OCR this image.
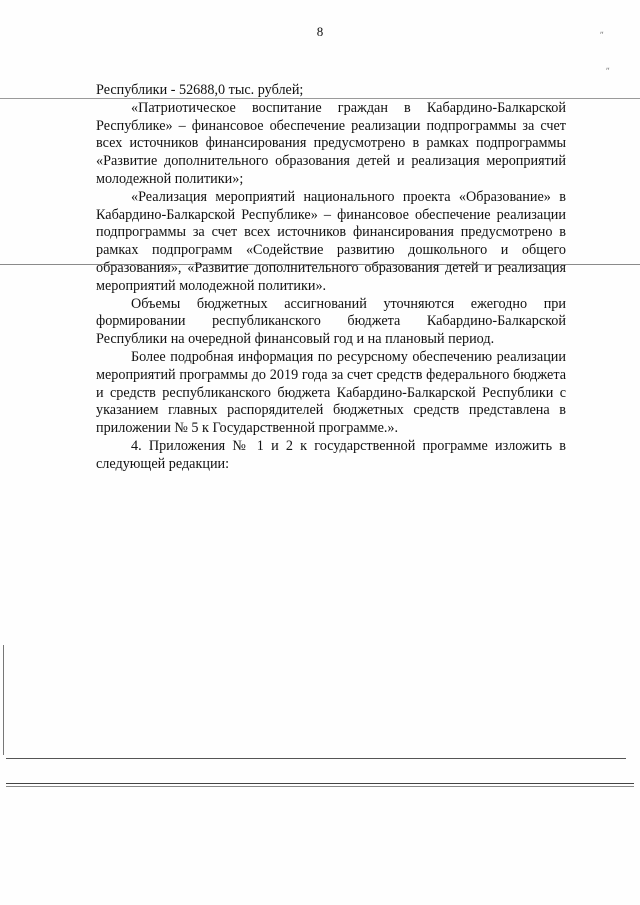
8	ʺ
ʺ

Республики - 52688,0 тыс. рублей;

«Патриотическое воспитание граждан в Кабардино-Балкарской Республике» – финансовое обеспечение реализации подпрограммы за счет всех источников финансирования предусмотрено в рамках подпрограммы «Развитие дополнительного образования детей и реализация мероприятий молодежной политики»;

«Реализация мероприятий национального проекта «Образование» в Кабардино-Балкарской Республике» – финансовое обеспечение реализации подпрограммы за счет всех источников финансирования предусмотрено в рамках подпрограмм «Содействие развитию дошкольного и общего образования», «Развитие дополнительного образования детей и реализация мероприятий молодежной политики».

Объемы бюджетных ассигнований уточняются ежегодно при формировании республиканского бюджета Кабардино-Балкарской Республики на очередной финансовый год и на плановый период.

Более подробная информация по ресурсному обеспечению реализации мероприятий программы до 2019 года за счет средств федерального бюджета и средств республиканского бюджета Кабардино-Балкарской Республики с указанием главных распорядителей бюджетных средств представлена в приложении № 5 к Государственной программе.».

4. Приложения № 1 и 2 к государственной программе изложить в следующей редакции:
